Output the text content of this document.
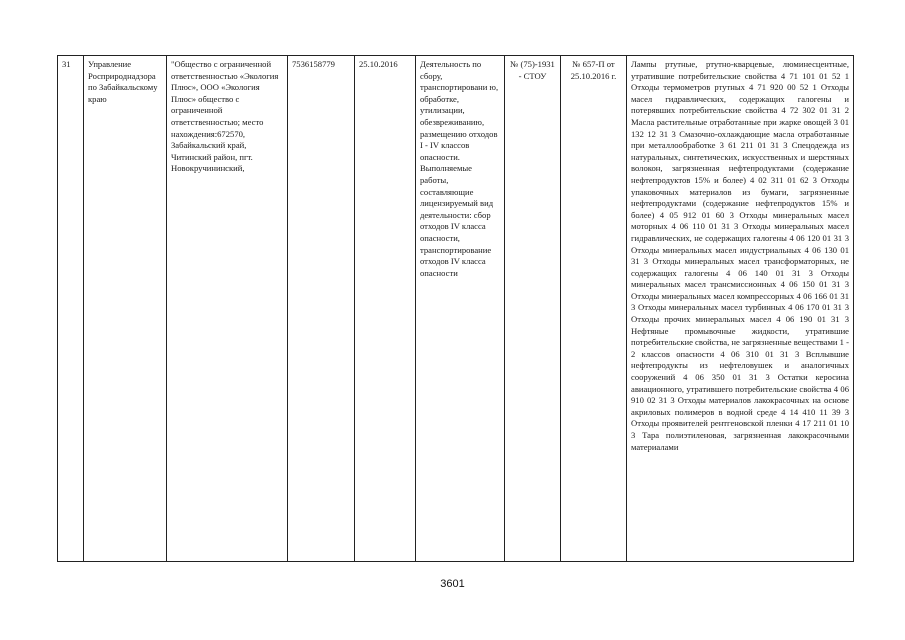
31	Управление Росприроднадзора по Забайкальскому краю	"Общество с ограниченной ответственностью «Экология Плюс», ООО «Экология Плюс» общество с ограниченной ответственностью; место нахождения:672570, Забайкальский край, Читинский район, пгт. Новокручининский,	7536158779	25.10.2016	Деятельность по сбору, транспортировани ю, обработке, утилизации, обезвреживанию, размещению отходов I - IV классов опасности. Выполняемые работы, составляющие лицензируемый вид деятельности: сбор отходов IV класса опасности, транспортирование отходов IV класса опасности	№ (75)-1931 - СТОУ	№ 657-П от 25.10.2016 г.	Лампы ртутные, ртутно-кварцевые, люминесцентные, утратившие потребительские свойства 4 71 101 01 52 1 Отходы термометров ртутных 4 71 920 00 52 1 Отходы масел гидравлических, содержащих галогены и потерявших потребительские свойства 4 72 302 01 31 2 Масла растительные отработанные при жарке овощей 3 01 132 12 31 3 Смазочно-охлаждающие масла отработанные при металлообработке 3 61 211 01 31 3 Спецодежда из натуральных, синтетических, искусственных и шерстяных волокон, загрязненная нефтепродуктами (содержание нефтепродуктов 15% и более) 4 02 311 01 62 3 Отходы упаковочных материалов из бумаги, загрязненные нефтепродуктами (содержание нефтепродуктов 15% и более) 4 05 912 01 60 3 Отходы минеральных масел моторных 4 06 110 01 31 3 Отходы минеральных масел гидравлических, не содержащих галогены 4 06 120 01 31 3 Отходы минеральных масел индустриальных 4 06 130 01 31 3 Отходы минеральных масел трансформаторных, не содержащих галогены 4 06 140 01 31 3 Отходы минеральных масел трансмиссионных 4 06 150 01 31 3 Отходы минеральных масел компрессорных 4 06 166 01 31 3 Отходы минеральных масел турбинных 4 06 170 01 31 3 Отходы прочих минеральных масел 4 06 190 01 31 3 Нефтяные промывочные жидкости, утратившие потребительские свойства, не загрязненные веществами 1 - 2 классов опасности 4 06 310 01 31 3 Всплывшие нефтепродукты из нефтеловушек и аналогичных сооружений 4 06 350 01 31 3 Остатки керосина авиационного, утратившего потребительские свойства 4 06 910 02 31 3 Отходы материалов лакокрасочных на основе акриловых полимеров в водной среде 4 14 410 11 39 3 Отходы проявителей рентгеновской пленки 4 17 211 01 10 3 Тара полиэтиленовая, загрязненная лакокрасочными материалами
3601
